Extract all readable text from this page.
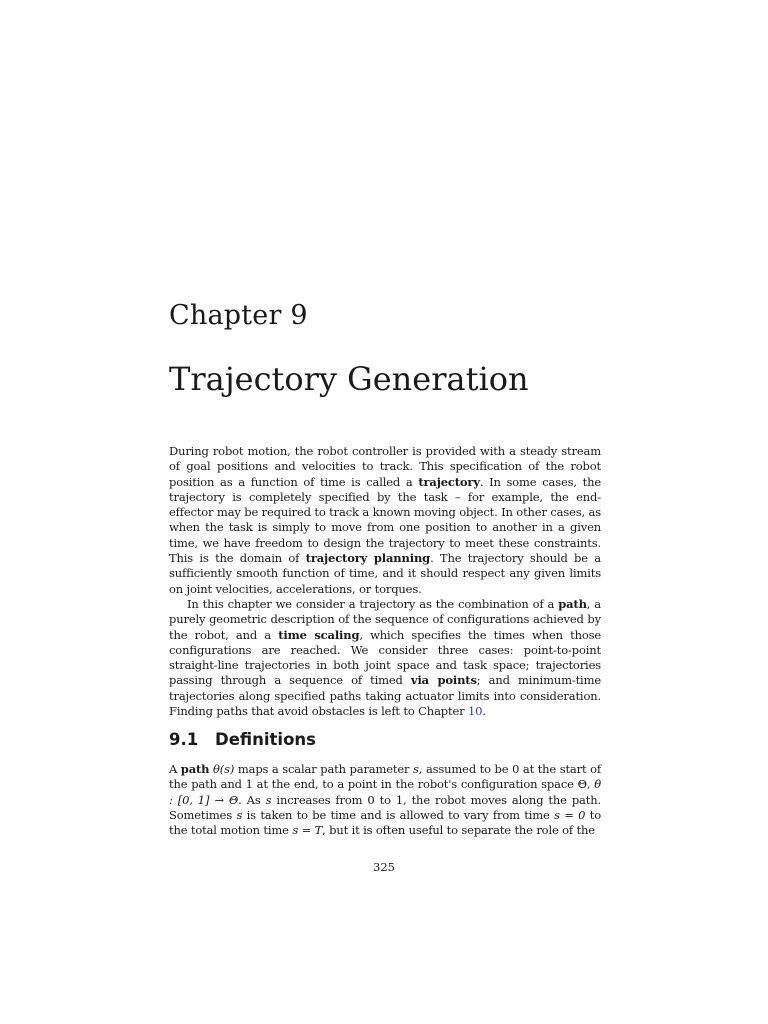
Chapter 9
Trajectory Generation

During robot motion, the robot controller is provided with a steady stream of goal positions and velocities to track. This specification of the robot position as a function of time is called a trajectory. In some cases, the trajectory is completely specified by the task – for example, the end-effector may be required to track a known moving object. In other cases, as when the task is simply to move from one position to another in a given time, we have freedom to design the trajectory to meet these constraints. This is the domain of trajectory planning. The trajectory should be a sufficiently smooth function of time, and it should respect any given limits on joint velocities, accelerations, or torques.

In this chapter we consider a trajectory as the combination of a path, a purely geometric description of the sequence of configurations achieved by the robot, and a time scaling, which specifies the times when those configurations are reached. We consider three cases: point-to-point straight-line trajectories in both joint space and task space; trajectories passing through a sequence of timed via points; and minimum-time trajectories along specified paths taking actuator limits into consideration. Finding paths that avoid obstacles is left to Chapter 10.

9.1 Definitions

A path θ(s) maps a scalar path parameter s, assumed to be 0 at the start of the path and 1 at the end, to a point in the robot's configuration space Θ, θ : [0, 1] → Θ. As s increases from 0 to 1, the robot moves along the path. Sometimes s is taken to be time and is allowed to vary from time s = 0 to the total motion time s = T, but it is often useful to separate the role of the

325
